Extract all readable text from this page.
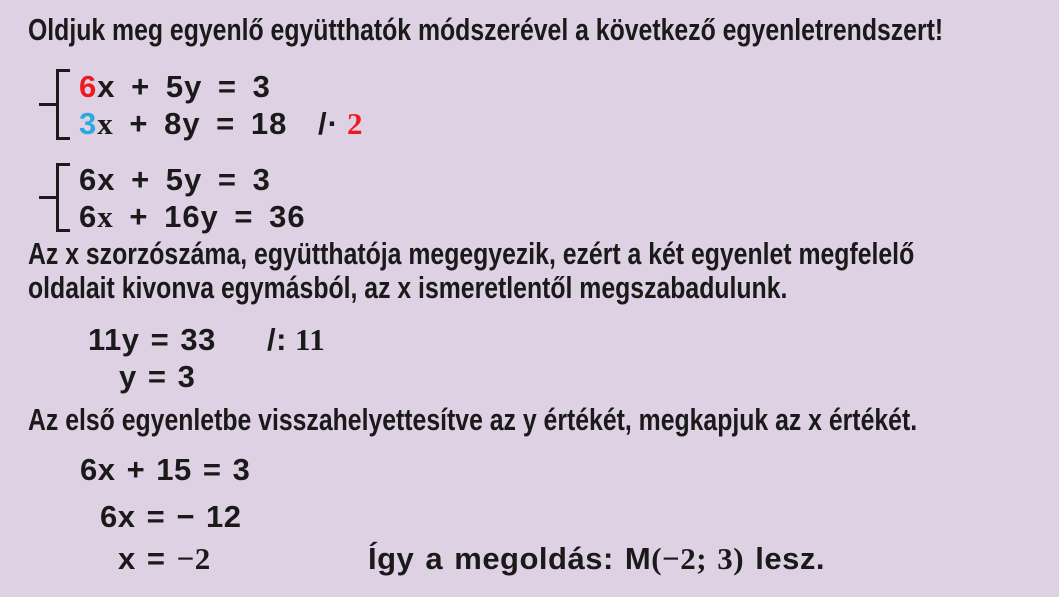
Oldjuk meg egyenlő együtthatók módszerével a következő egyenletrendszert!
6x + 5y = 3
3x + 8y = 18 /· 2
6x + 5y = 3
6x + 16y = 36
Az x szorzószáma, együtthatója megegyezik, ezért a két egyenlet megfelelő
oldalait kivonva egymásból, az x ismeretlentől megszabadulunk.
11y = 33 /: 11
y = 3
Az első egyenletbe visszahelyettesítve az y értékét, megkapjuk az x értékét.
6x + 15 = 3
6x = − 12
x = −2	Így a megoldás: M(−2; 3) lesz.
